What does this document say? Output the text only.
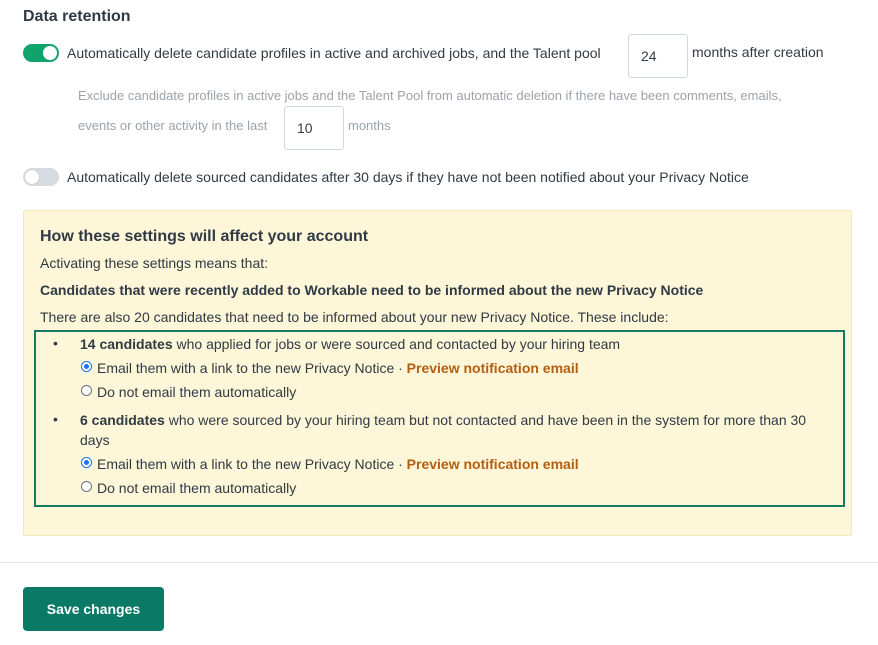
Data retention
Automatically delete candidate profiles in active and archived jobs, and the Talent pool
24	months after creation
Exclude candidate profiles in active jobs and the Talent Pool from automatic deletion if there have been comments, emails,
events or other activity in the last
10	months
Automatically delete sourced candidates after 30 days if they have not been notified about your Privacy Notice
How these settings will affect your account
Activating these settings means that:
Candidates that were recently added to Workable need to be informed about the new Privacy Notice
There are also 20 candidates that need to be informed about your new Privacy Notice. These include:
• 14 candidates who applied for jobs or were sourced and contacted by your hiring team
Email them with a link to the new Privacy Notice · Preview notification email
Do not email them automatically
• 6 candidates who were sourced by your hiring team but not contacted and have been in the system for more than 30
days
Email them with a link to the new Privacy Notice · Preview notification email
Do not email them automatically
Save changes
